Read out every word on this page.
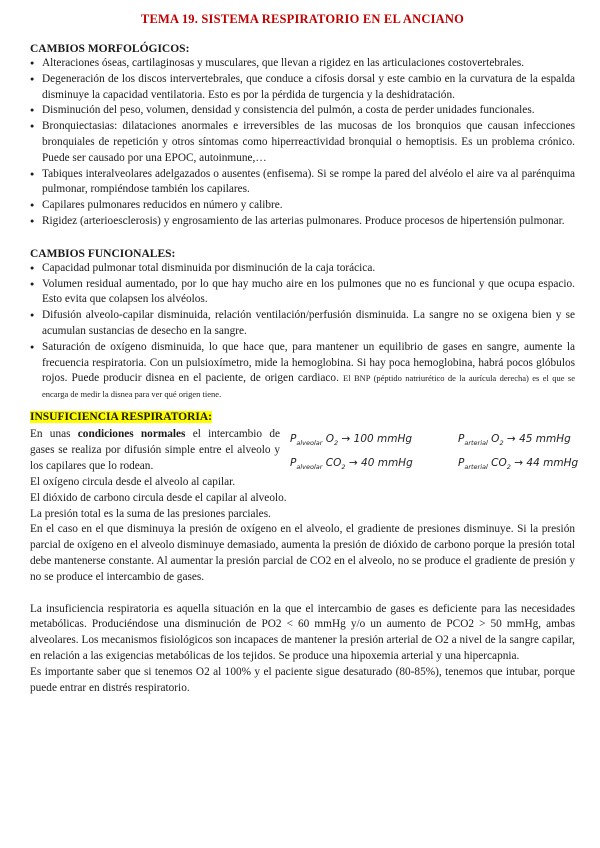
TEMA 19. SISTEMA RESPIRATORIO EN EL ANCIANO
CAMBIOS MORFOLÓGICOS:
● Alteraciones óseas, cartilaginosas y musculares, que llevan a rigidez en las articulaciones costovertebrales.
● Degeneración de los discos intervertebrales, que conduce a cifosis dorsal y este cambio en la curvatura de la espalda disminuye la capacidad ventilatoria. Esto es por la pérdida de turgencia y la deshidratación.
● Disminución del peso, volumen, densidad y consistencia del pulmón, a costa de perder unidades funcionales.
● Bronquiectasias: dilataciones anormales e irreversibles de las mucosas de los bronquios que causan infecciones bronquiales de repetición y otros síntomas como hiperreactividad bronquial o hemoptisis. Es un problema crónico. Puede ser causado por una EPOC, autoinmune,…
● Tabiques interalveolares adelgazados o ausentes (enfisema). Si se rompe la pared del alvéolo el aire va al parénquima pulmonar, rompiéndose también los capilares.
● Capilares pulmonares reducidos en número y calibre.
● Rigidez (arterioesclerosis) y engrosamiento de las arterias pulmonares. Produce procesos de hipertensión pulmonar.
CAMBIOS FUNCIONALES:
● Capacidad pulmonar total disminuida por disminución de la caja torácica.
● Volumen residual aumentado, por lo que hay mucho aire en los pulmones que no es funcional y que ocupa espacio. Esto evita que colapsen los alvéolos.
● Difusión alveolo-capilar disminuida, relación ventilación/perfusión disminuida. La sangre no se oxigena bien y se acumulan sustancias de desecho en la sangre.
● Saturación de oxígeno disminuida, lo que hace que, para mantener un equilibrio de gases en sangre, aumente la frecuencia respiratoria. Con un pulsioxímetro, mide la hemoglobina. Si hay poca hemoglobina, habrá pocos glóbulos rojos. Puede producir disnea en el paciente, de origen cardiaco. El BNP (péptido natriurético de la aurícula derecha) es el que se encarga de medir la disnea para ver qué origen tiene.
INSUFICIENCIA RESPIRATORIA:

En unas condiciones normales el intercambio de gases se realiza por difusión simple entre el alveolo y los capilares que lo rodean.

$P_{alveolar}$ $O_2 \to 100$ mmHg	$P_{arterial}$ $O_2 \to 45$ mmHg
$P_{alveolar}$ $CO_2 \to 40$ mmHg	$P_{arterial}$ $CO_2 \to 44$ mmHg

El oxígeno circula desde el alveolo al capilar.

El dióxido de carbono circula desde el capilar al alveolo.

La presión total es la suma de las presiones parciales.

En el caso en el que disminuya la presión de oxígeno en el alveolo, el gradiente de presiones disminuye. Si la presión parcial de oxígeno en el alveolo disminuye demasiado, aumenta la presión de dióxido de carbono porque la presión total debe mantenerse constante. Al aumentar la presión parcial de CO2 en el alveolo, no se produce el gradiente de presión y no se produce el intercambio de gases.

La insuficiencia respiratoria es aquella situación en la que el intercambio de gases es deficiente para las necesidades metabólicas. Produciéndose una disminución de PO2 < 60 mmHg y/o un aumento de PCO2 > 50 mmHg, ambas alveolares. Los mecanismos fisiológicos son incapaces de mantener la presión arterial de O2 a nivel de la sangre capilar, en relación a las exigencias metabólicas de los tejidos. Se produce una hipoxemia arterial y una hipercapnia.

Es importante saber que si tenemos O2 al 100% y el paciente sigue desaturado (80-85%), tenemos que intubar, porque puede entrar en distrés respiratorio.
